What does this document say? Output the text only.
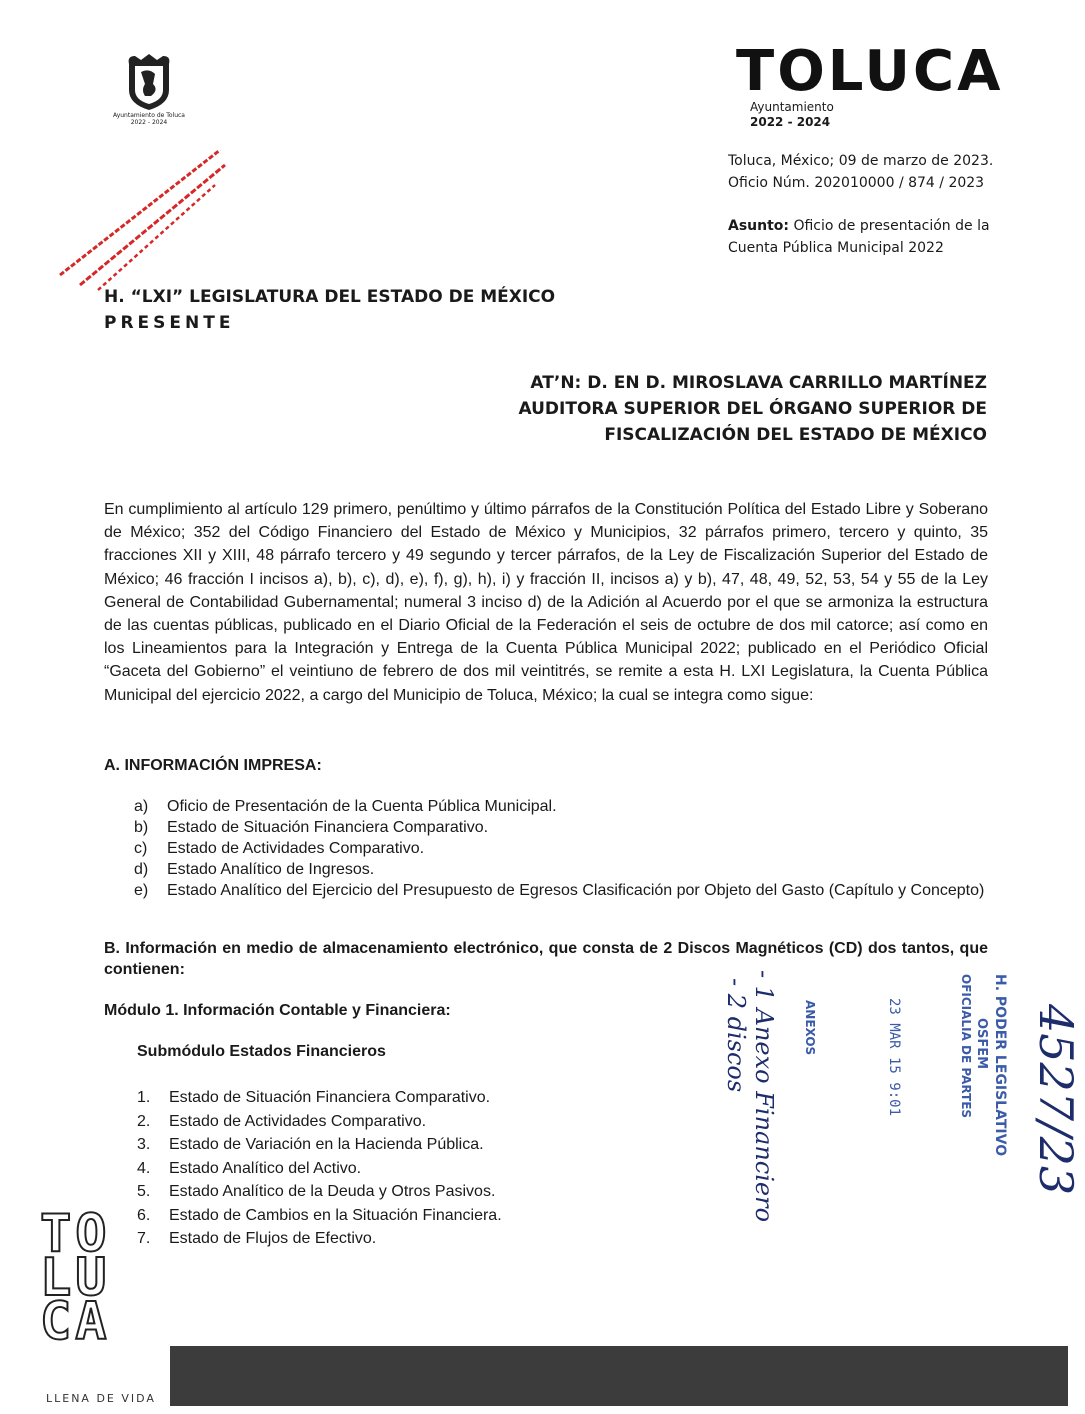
Ayuntamiento de Toluca
2022 - 2024
TOLUCA
Ayuntamiento
2022 - 2024
Toluca, México; 09 de marzo de 2023.
Oficio Núm. 202010000 / 874 / 2023
Asunto: Oficio de presentación de la
Cuenta Pública Municipal 2022
H. “LXI” LEGISLATURA DEL ESTADO DE MÉXICO
PRESENTE
AT’N: D. EN D. MIROSLAVA CARRILLO MARTÍNEZ
AUDITORA SUPERIOR DEL ÓRGANO SUPERIOR DE
FISCALIZACIÓN DEL ESTADO DE MÉXICO
En cumplimiento al artículo 129 primero, penúltimo y último párrafos de la Constitución Política del Estado Libre y Soberano de México; 352 del Código Financiero del Estado de México y Municipios, 32 párrafos primero, tercero y quinto, 35 fracciones XII y XIII, 48 párrafo tercero y 49 segundo y tercer párrafos, de la Ley de Fiscalización Superior del Estado de México; 46 fracción I incisos a), b), c), d), e), f), g), h), i) y fracción II, incisos a) y b), 47, 48, 49, 52, 53, 54 y 55 de la Ley General de Contabilidad Gubernamental; numeral 3 inciso d) de la Adición al Acuerdo por el que se armoniza la estructura de las cuentas públicas, publicado en el Diario Oficial de la Federación el seis de octubre de dos mil catorce; así como en los Lineamientos para la Integración y Entrega de la Cuenta Pública Municipal 2022; publicado en el Periódico Oficial “Gaceta del Gobierno” el veintiuno de febrero de dos mil veintitrés, se remite a esta H. LXI Legislatura, la Cuenta Pública Municipal del ejercicio 2022, a cargo del Municipio de Toluca, México; la cual se integra como sigue:
A. INFORMACIÓN IMPRESA:
a)	Oficio de Presentación de la Cuenta Pública Municipal.
b)	Estado de Situación Financiera Comparativo.
c)	Estado de Actividades Comparativo.
d)	Estado Analítico de Ingresos.
e)	Estado Analítico del Ejercicio del Presupuesto de Egresos Clasificación por Objeto del Gasto (Capítulo y Concepto)
B. Información en medio de almacenamiento electrónico, que consta de 2 Discos Magnéticos (CD) dos tantos, que contienen:
Módulo 1. Información Contable y Financiera:
Submódulo Estados Financieros
1.	Estado de Situación Financiera Comparativo.
2.	Estado de Actividades Comparativo.
3.	Estado de Variación en la Hacienda Pública.
4.	Estado Analítico del Activo.
5.	Estado Analítico de la Deuda y Otros Pasivos.
6.	Estado de Cambios en la Situación Financiera.
7.	Estado de Flujos de Efectivo.
H. PODER LEGISLATIVO
OSFEM
OFICIALIA DE PARTES
23 MAR 15 9:01
ANEXOS
- 2 discos - 1 Anexo Financiero	4527/23
TO
LU
CA
LLENA DE VIDA
